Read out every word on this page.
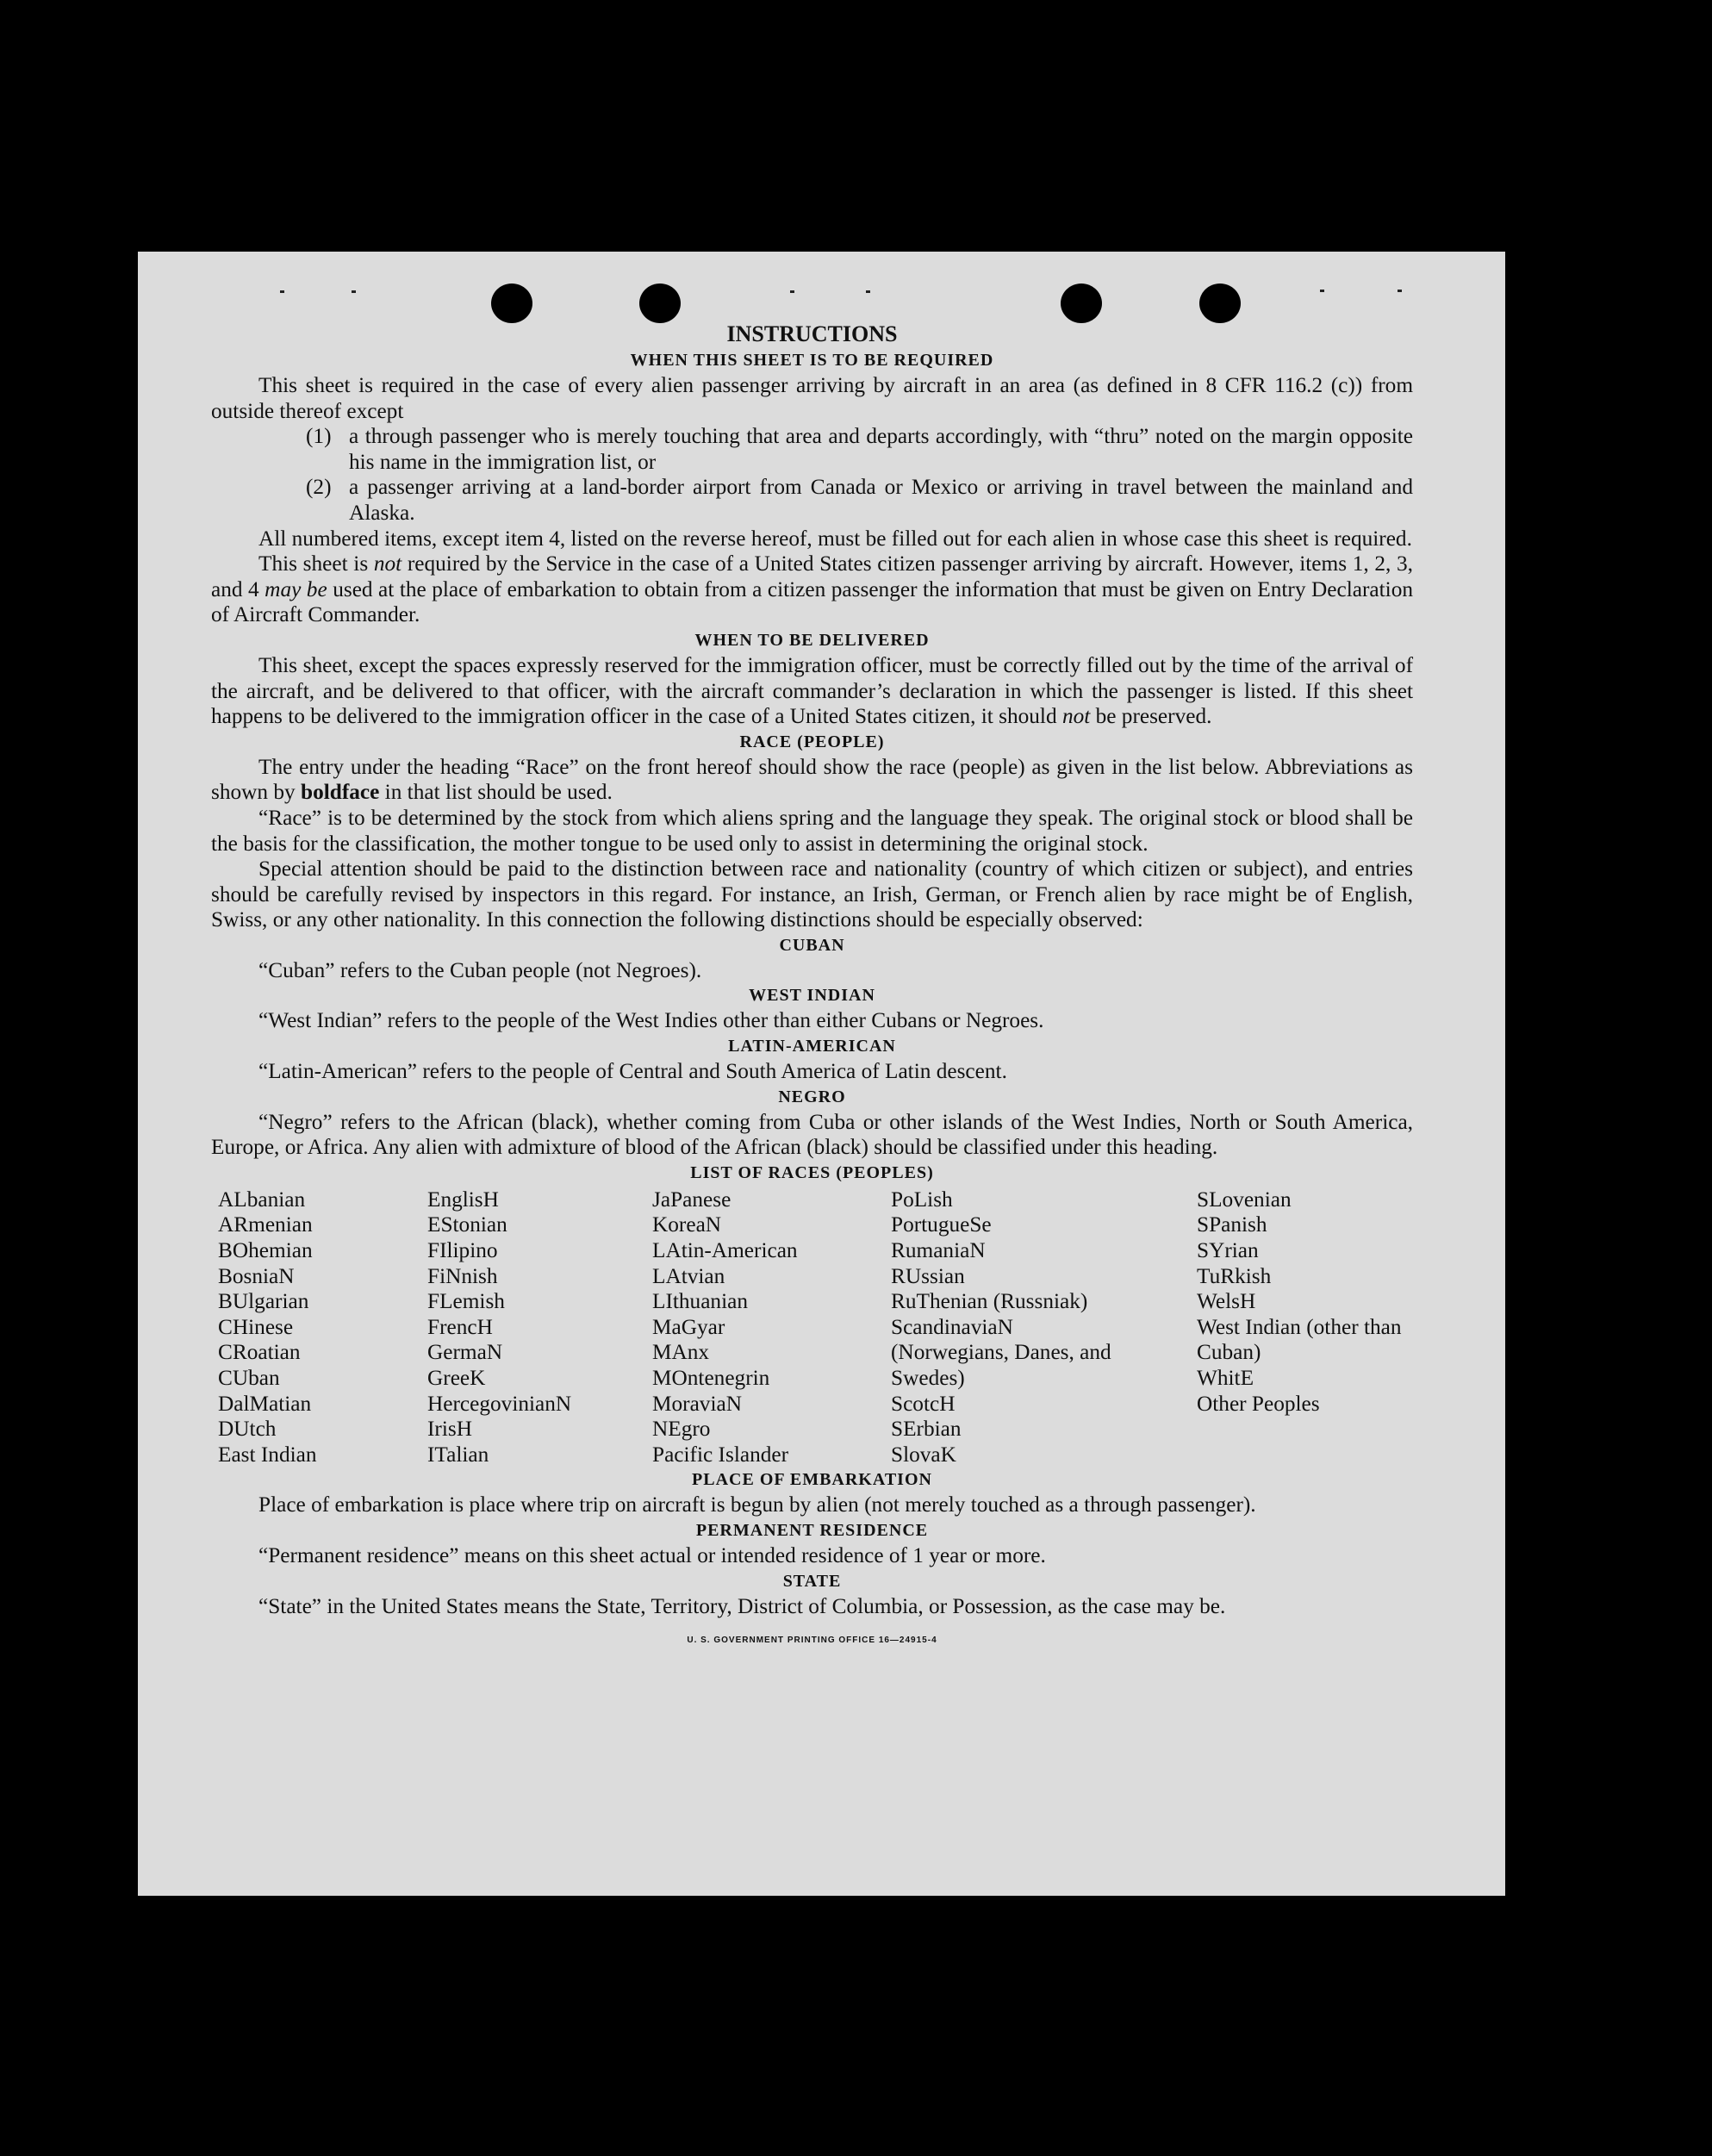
INSTRUCTIONS
WHEN THIS SHEET IS TO BE REQUIRED

This sheet is required in the case of every alien passenger arriving by aircraft in an area (as defined in 8 CFR 116.2 (c)) from outside thereof except

(1) a through passenger who is merely touching that area and departs accordingly, with “thru” noted on the margin opposite his name in the immigration list, or
(2) a passenger arriving at a land-border airport from Canada or Mexico or arriving in travel between the mainland and Alaska.

All numbered items, except item 4, listed on the reverse hereof, must be filled out for each alien in whose case this sheet is required.

This sheet is not required by the Service in the case of a United States citizen passenger arriving by aircraft. However, items 1, 2, 3, and 4 may be used at the place of embarkation to obtain from a citizen passenger the information that must be given on Entry Declaration of Aircraft Commander.

WHEN TO BE DELIVERED

This sheet, except the spaces expressly reserved for the immigration officer, must be correctly filled out by the time of the arrival of the aircraft, and be delivered to that officer, with the aircraft commander’s declaration in which the passenger is listed. If this sheet happens to be delivered to the immigration officer in the case of a United States citizen, it should not be preserved.

RACE (PEOPLE)

The entry under the heading “Race” on the front hereof should show the race (people) as given in the list below. Abbreviations as shown by boldface in that list should be used.

“Race” is to be determined by the stock from which aliens spring and the language they speak. The original stock or blood shall be the basis for the classification, the mother tongue to be used only to assist in determining the original stock.

Special attention should be paid to the distinction between race and nationality (country of which citizen or subject), and entries should be carefully revised by inspectors in this regard. For instance, an Irish, German, or French alien by race might be of English, Swiss, or any other nationality. In this connection the following distinctions should be especially observed:

CUBAN

“Cuban” refers to the Cuban people (not Negroes).

WEST INDIAN

“West Indian” refers to the people of the West Indies other than either Cubans or Negroes.

LATIN-AMERICAN

“Latin-American” refers to the people of Central and South America of Latin descent.

NEGRO

“Negro” refers to the African (black), whether coming from Cuba or other islands of the West Indies, North or South America, Europe, or Africa. Any alien with admixture of blood of the African (black) should be classified under this heading.

LIST OF RACES (PEOPLES)
ALbanian
ARmenian
BOhemian
BosniaN
BUlgarian
CHinese
CRoatian
CUban
DalMatian
DUtch
East Indian
EnglisH
EStonian
FIlipino
FiNnish
FLemish
FrencH
GermaN
GreeK
HercegovinianN
IrisH
ITalian
JaPanese
KoreaN
LAtin-American
LAtvian
LIthuanian
MaGyar
MAnx
MOntenegrin
MoraviaN
NEgro
Pacific Islander
PoLish
PortugueSe
RumaniaN
RUssian
RuThenian (Russniak)
ScandinaviaN (Norwegians, Danes, and Swedes)
ScotcH
SErbian
SlovaK
SLovenian
SPanish
SYrian
TuRkish
WelsH
West Indian (other than Cuban)
WhitE
Other Peoples
PLACE OF EMBARKATION

Place of embarkation is place where trip on aircraft is begun by alien (not merely touched as a through passenger).

PERMANENT RESIDENCE

“Permanent residence” means on this sheet actual or intended residence of 1 year or more.

STATE

“State” in the United States means the State, Territory, District of Columbia, or Possession, as the case may be.

U. S. GOVERNMENT PRINTING OFFICE 16—24915-4
